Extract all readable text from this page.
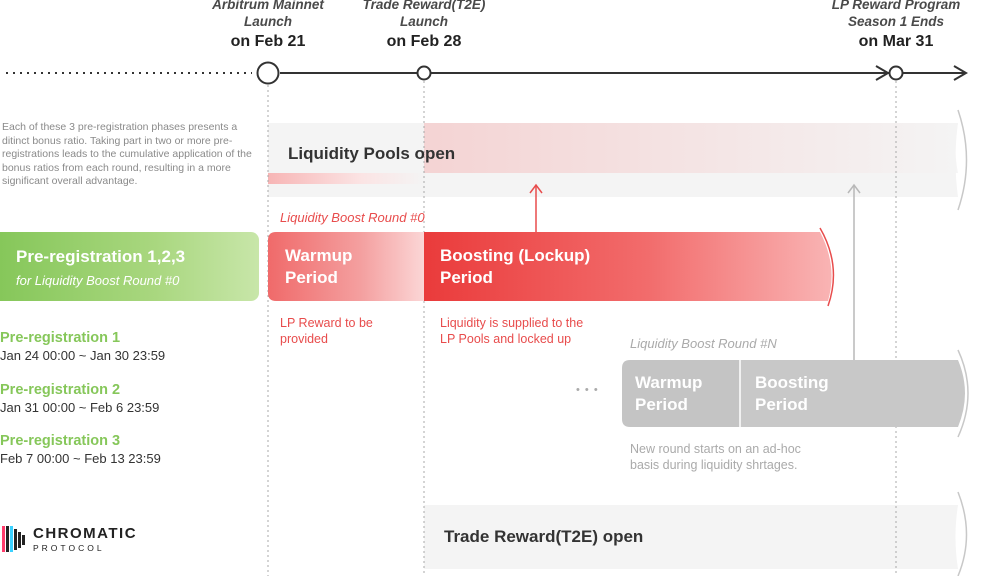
Arbitrum Mainnet
Launch
on Feb 21
Trade Reward(T2E)
Launch
on Feb 28
LP Reward Program
Season 1 Ends
on Mar 31
Each of these 3 pre-registration phases presents a ditinct bonus ratio. Taking part in two or more pre-registrations leads to the cumulative application of the bonus ratios from each round, resulting in a more significant overall advantage.
Liquidity Pools open
Trade Reward(T2E) open
Pre-registration 1,2,3
for Liquidity Boost Round #0
Pre-registration 1
Jan 24 00:00 ~ Jan 30 23:59
Pre-registration 2
Jan 31 00:00 ~ Feb 6 23:59
Pre-registration 3
Feb 7 00:00 ~ Feb 13 23:59
Liquidity Boost Round #0
Warmup
Period
Boosting (Lockup)
Period
LP Reward to be
provided
Liquidity is supplied to the
LP Pools and locked up	Liquidity Boost Round #N
• • • Warmup
Period
Boosting
Period
New round starts on an ad-hoc
basis during liquidity shrtages.
CHROMATIC
PROTOCOL
